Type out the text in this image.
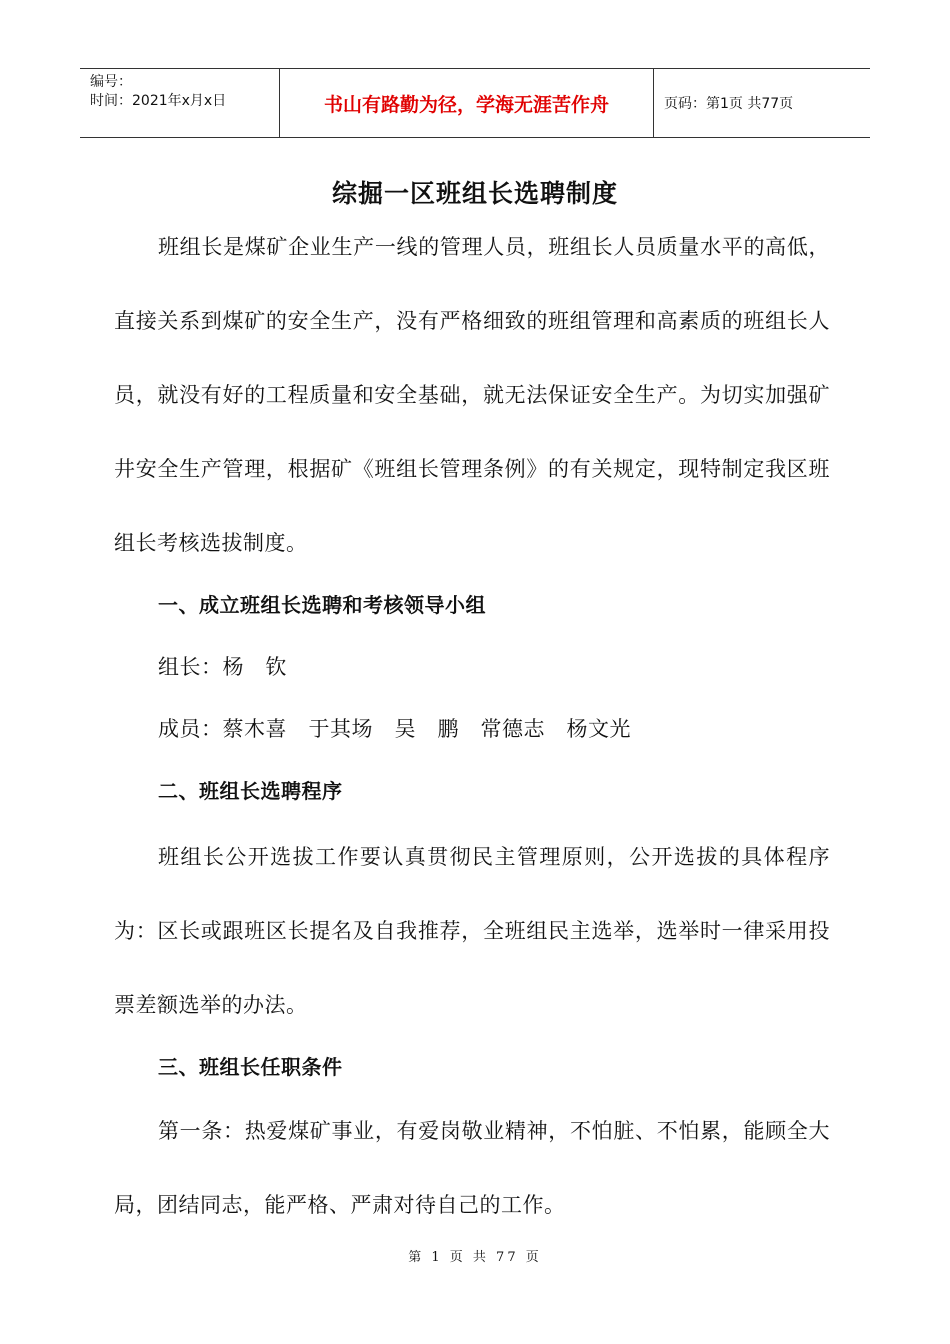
编号：
时间：2021年x月x日	书山有路勤为径，学海无涯苦作舟	页码：第1页 共77页
综掘一区班组长选聘制度

班组长是煤矿企业生产一线的管理人员，班组长人员质量水平的高低，直接关系到煤矿的安全生产，没有严格细致的班组管理和高素质的班组长人员，就没有好的工程质量和安全基础，就无法保证安全生产。为切实加强矿井安全生产管理，根据矿《班组长管理条例》的有关规定，现特制定我区班组长考核选拔制度。

一、成立班组长选聘和考核领导小组

组长：杨　钦

成员：蔡木喜　于其场　吴　鹏　常德志　杨文光

二、班组长选聘程序

班组长公开选拔工作要认真贯彻民主管理原则，公开选拔的具体程序为：区长或跟班区长提名及自我推荐，全班组民主选举，选举时一律采用投票差额选举的办法。

三、班组长任职条件

第一条：热爱煤矿事业，有爱岗敬业精神，不怕脏、不怕累，能顾全大局，团结同志，能严格、严肃对待自己的工作。

第 1 页 共 77 页
